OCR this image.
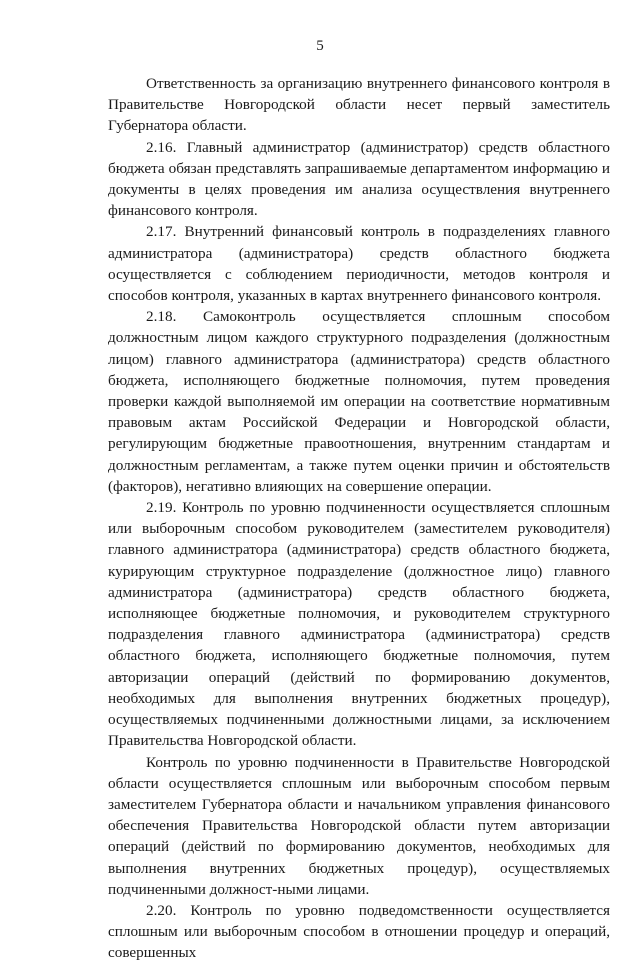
5

Ответственность за организацию внутреннего финансового контроля в Правительстве Новгородской области несет первый заместитель Губернатора области.

2.16. Главный администратор (администратор) средств областного бюджета обязан представлять запрашиваемые департаментом информацию и документы в целях проведения им анализа осуществления внутреннего финансового контроля.

2.17. Внутренний финансовый контроль в подразделениях главного администратора (администратора) средств областного бюджета осуществляется с соблюдением периодичности, методов контроля и способов контроля, указанных в картах внутреннего финансового контроля.

2.18. Самоконтроль осуществляется сплошным способом должностным лицом каждого структурного подразделения (должностным лицом) главного администратора (администратора) средств областного бюджета, исполняющего бюджетные полномочия, путем проведения проверки каждой выполняемой им операции на соответствие нормативным правовым актам Российской Федерации и Новгородской области, регулирующим бюджетные правоотношения, внутренним стандартам и должностным регламентам, а также путем оценки причин и обстоятельств (факторов), негативно влияющих на совершение операции.

2.19. Контроль по уровню подчиненности осуществляется сплошным или выборочным способом руководителем (заместителем руководителя) главного администратора (администратора) средств областного бюджета, курирующим структурное подразделение (должностное лицо) главного администратора (администратора) средств областного бюджета, исполняющее бюджетные полномочия, и руководителем структурного подразделения главного администратора (администратора) средств областного бюджета, исполняющего бюджетные полномочия, путем авторизации операций (действий по формированию документов, необходимых для выполнения внутренних бюджетных процедур), осуществляемых подчиненными должностными лицами, за исключением Правительства Новгородской области.

Контроль по уровню подчиненности в Правительстве Новгородской области осуществляется сплошным или выборочным способом первым заместителем Губернатора области и начальником управления финансового обеспечения Правительства Новгородской области путем авторизации операций (действий по формированию документов, необходимых для выполнения внутренних бюджетных процедур), осуществляемых подчиненными должност-ными лицами.

2.20. Контроль по уровню подведомственности осуществляется сплошным или выборочным способом в отношении процедур и операций, совершенных
